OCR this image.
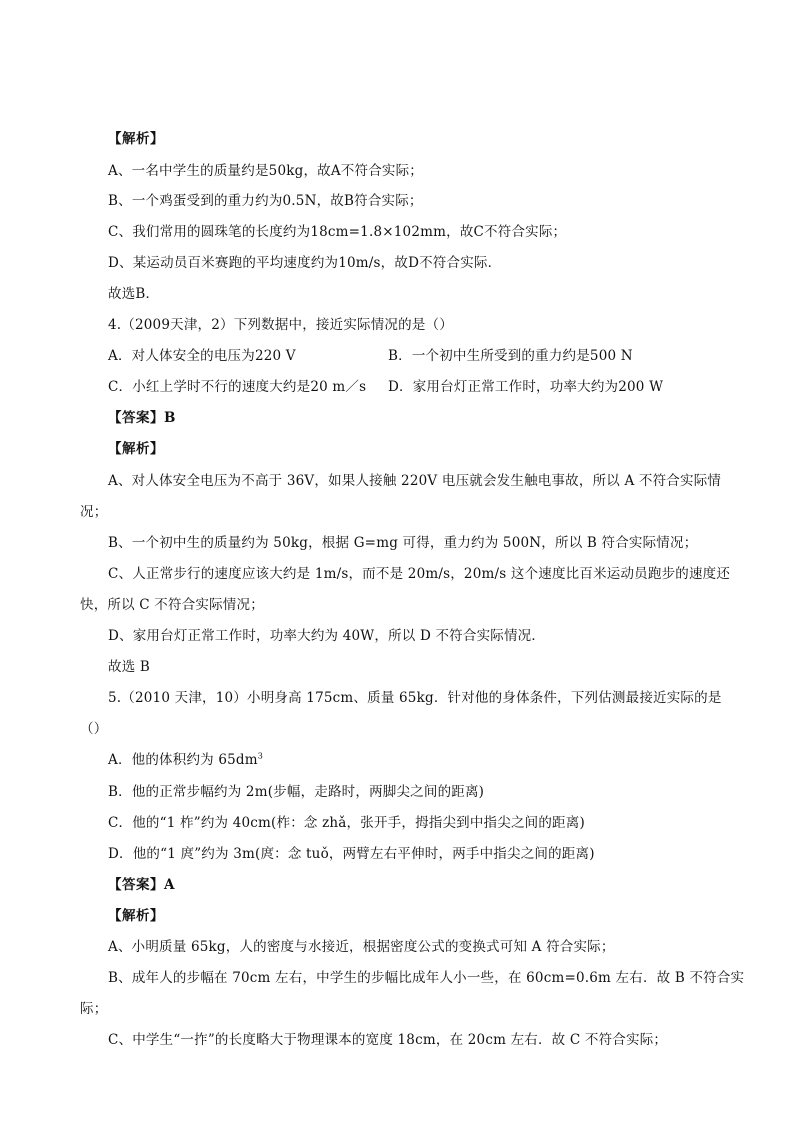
【解析】
A、一名中学生的质量约是50kg，故A不符合实际；
B、一个鸡蛋受到的重力约为0.5N，故B符合实际；
C、我们常用的圆珠笔的长度约为18cm=1.8×102mm，故C不符合实际；
D、某运动员百米赛跑的平均速度约为10m/s，故D不符合实际．
故选B．
4.（2009天津，2）下列数据中，接近实际情况的是（）
A．对人体安全的电压为220 V	B．一个初中生所受到的重力约是500 N
C．小红上学时不行的速度大约是20 m／s D．家用台灯正常工作时，功率大约为200 W
【答案】B
【解析】
A、对人体安全电压为不高于 36V，如果人接触 220V 电压就会发生触电事故，所以 A 不符合实际情
况；
B、一个初中生的质量约为 50kg，根据 G=mg 可得，重力约为 500N，所以 B 符合实际情况；
C、人正常步行的速度应该大约是 1m/s，而不是 20m/s，20m/s 这个速度比百米运动员跑步的速度还
快，所以 C 不符合实际情况；
D、家用台灯正常工作时，功率大约为 40W，所以 D 不符合实际情况．
故选 B
5.（2010 天津，10）小明身高 175cm、质量 65kg．针对他的身体条件，下列估测最接近实际的是
（）
A．他的体积约为 $65dm^3$
B．他的正常步幅约为 2m(步幅，走路时，两脚尖之间的距离)
C．他的“1 柞”约为 40cm(柞：念 zhǎ，张开手，拇指尖到中指尖之间的距离)
D．他的“1 庹”约为 3m(庹：念 tuǒ，两臂左右平伸时，两手中指尖之间的距离)
【答案】A
【解析】
A、小明质量 65kg，人的密度与水接近，根据密度公式的变换式可知 A 符合实际；
B、成年人的步幅在 70cm 左右，中学生的步幅比成年人小一些，在 60cm=0.6m 左右．故 B 不符合实
际；
C、中学生“一拃”的长度略大于物理课本的宽度 18cm，在 20cm 左右．故 C 不符合实际；
